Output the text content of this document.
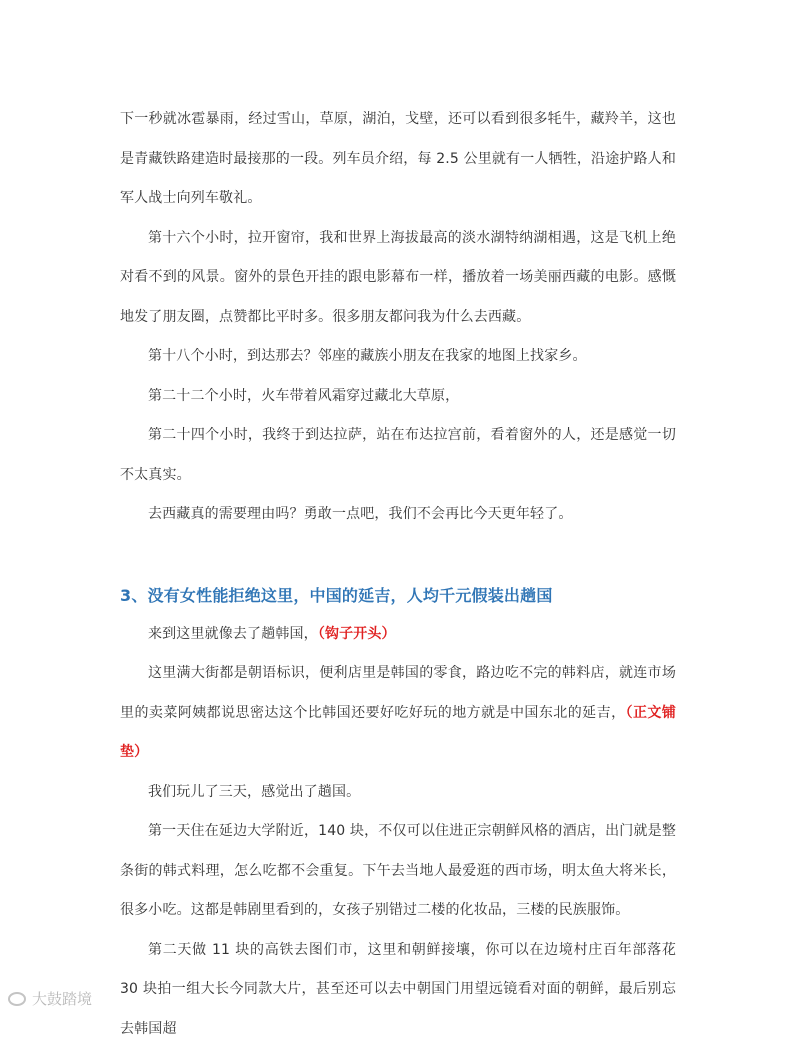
下一秒就冰雹暴雨，经过雪山，草原，湖泊，戈壁，还可以看到很多牦牛，藏羚羊，这也是青藏铁路建造时最接那的一段。列车员介绍，每 2.5 公里就有一人牺牲，沿途护路人和军人战士向列车敬礼。

第十六个小时，拉开窗帘，我和世界上海拔最高的淡水湖特纳湖相遇，这是飞机上绝对看不到的风景。窗外的景色开挂的跟电影幕布一样，播放着一场美丽西藏的电影。感慨地发了朋友圈，点赞都比平时多。很多朋友都问我为什么去西藏。

第十八个小时，到达那去？邻座的藏族小朋友在我家的地图上找家乡。

第二十二个小时，火车带着风霜穿过藏北大草原，

第二十四个小时，我终于到达拉萨，站在布达拉宫前，看着窗外的人，还是感觉一切不太真实。

去西藏真的需要理由吗？勇敢一点吧，我们不会再比今天更年轻了。

3、没有女性能拒绝这里，中国的延吉，人均千元假装出趟国

来到这里就像去了趟韩国，（钩子开头）

这里满大街都是朝语标识，便利店里是韩国的零食，路边吃不完的韩料店，就连市场里的卖菜阿姨都说思密达这个比韩国还要好吃好玩的地方就是中国东北的延吉，（正文铺垫）

我们玩儿了三天，感觉出了趟国。

第一天住在延边大学附近，140 块，不仅可以住进正宗朝鲜风格的酒店，出门就是整条街的韩式料理，怎么吃都不会重复。下午去当地人最爱逛的西市场，明太鱼大将米长，很多小吃。这都是韩剧里看到的，女孩子别错过二楼的化妆品，三楼的民族服饰。

第二天做 11 块的高铁去图们市，这里和朝鲜接壤，你可以在边境村庄百年部落花 30 块拍一组大长今同款大片，甚至还可以去中朝国门用望远镜看对面的朝鲜，最后别忘去韩国超

大鼓踏境
